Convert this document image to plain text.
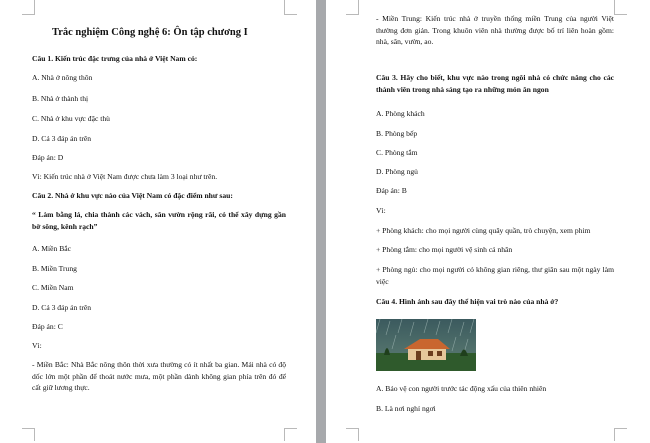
Trắc nghiệm Công nghệ 6: Ôn tập chương I
Câu 1. Kiến trúc đặc trưng của nhà ở Việt Nam có:
A. Nhà ở nông thôn
B. Nhà ở thành thị
C. Nhà ở khu vực đặc thù
D. Cả 3 đáp án trên
Đáp án: D
Vì: Kiến trúc nhà ở Việt Nam được chưa làm 3 loại như trên.
Câu 2. Nhà ở khu vực nào của Việt Nam có đặc điểm như sau:
“ Làm bằng lá, chia thành các vách, sân vườn rộng rãi, có thể xây dựng gần bờ sông, kênh rạch”
A. Miền Bắc
B. Miền Trung
C. Miền Nam
D. Cả 3 đáp án trên
Đáp án: C
Vì:
- Miền Bắc: Nhà Bắc nông thôn thời xưa thường có ít nhất ba gian. Mái nhà có độ dốc lớn một phần để thoát nước mưa, một phần dành không gian phía trên đó để cất giữ lương thực.
- Miền Trung: Kiến trúc nhà ở truyền thống miền Trung của người Việt thường đơn giản. Trong khuôn viên nhà thường được bố trí liên hoàn gồm: nhà, sân, vườn, ao.
Câu 3. Hãy cho biết, khu vực nào trong ngôi nhà có chức năng cho các thành viên trong nhà sáng tạo ra những món ăn ngon
A. Phòng khách
B. Phòng bếp
C. Phòng tắm
D. Phòng ngủ
Đáp án: B
Vì:
+ Phòng khách: cho mọi người cùng quây quần, trò chuyện, xem phim
+ Phòng tắm: cho mọi người vệ sinh cá nhân
+ Phòng ngủ: cho mọi người có không gian riêng, thư giãn sau một ngày làm việc
Câu 4. Hình ảnh sau đây thể hiện vai trò nào của nhà ở?
A. Bảo vệ con người trước tác động xấu của thiên nhiên
B. Là nơi nghỉ ngơi
